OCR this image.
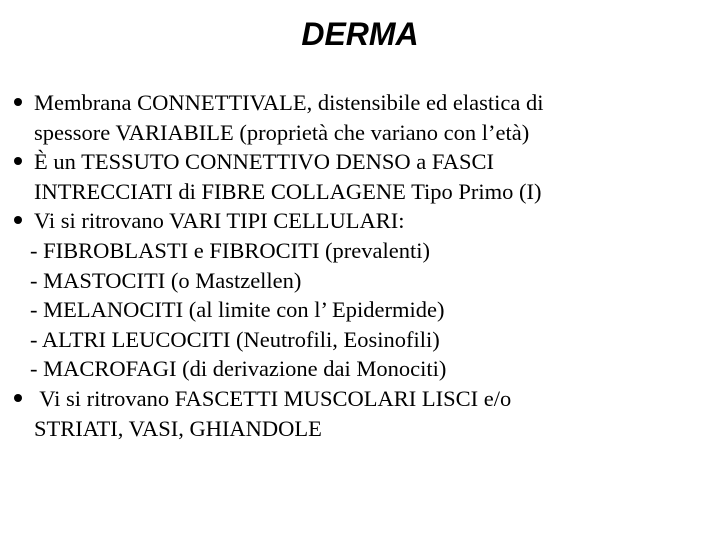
DERMA
Membrana CONNETTIVALE, distensibile ed elastica di
spessore VARIABILE (proprietà che variano con l’età)
È un TESSUTO CONNETTIVO DENSO a FASCI
INTRECCIATI di FIBRE COLLAGENE Tipo Primo (I)
Vi si ritrovano VARI TIPI CELLULARI:
- FIBROBLASTI e FIBROCITI (prevalenti)
- MASTOCITI (o Mastzellen)
- MELANOCITI (al limite con l’ Epidermide)
- ALTRI LEUCOCITI (Neutrofili, Eosinofili)
- MACROFAGI (di derivazione dai Monociti)
Vi si ritrovano FASCETTI MUSCOLARI LISCI e/o
STRIATI, VASI, GHIANDOLE
